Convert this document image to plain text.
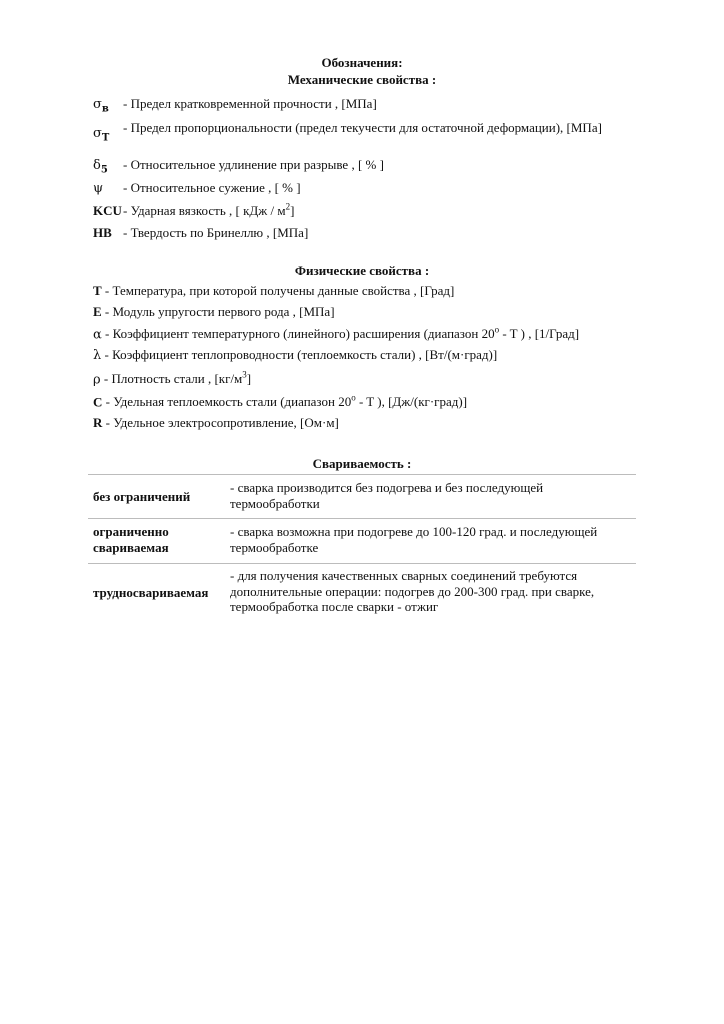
Обозначения:
Механические свойства :
$\sigma_в$ - Предел кратковременной прочности , [МПа]
$\sigma_T$
- Предел пропорциональности (предел текучести для остаточной деформации), [МПа]
$\delta_5$ - Относительное удлинение при разрыве , [ % ]
ψ - Относительное сужение , [ % ]
KCU- Ударная вязкость , [ кДж / $м^2$]
HB - Твердость по Бринеллю , [МПа]
Физические свойства :
T - Температура, при которой получены данные свойства , [Град]
E - Модуль упругости первого рода , [МПа]
α - Коэффициент температурного (линейного) расширения (диапазон 20$^o$ - T ) , [1/Град]
λ - Коэффициент теплопроводности (теплоемкость стали) , [Вт/(м·град)]
ρ - Плотность стали , $[кг/м^3]$
C - Удельная теплоемкость стали (диапазон 20$^o$ - T ), [Дж/(кг·град)]
R - Удельное электросопротивление, [Ом·м]
Свариваемость :
без ограничений
- сварка производится без подогрева и без последующей термообработки
ограниченно свариваемая
- сварка возможна при подогреве до 100-120 град. и последующей термообработке
трудносвариваемая
- для получения качественных сварных соединений требуются дополнительные операции: подогрев до 200-300 град. при сварке, термообработка после сварки - отжиг
